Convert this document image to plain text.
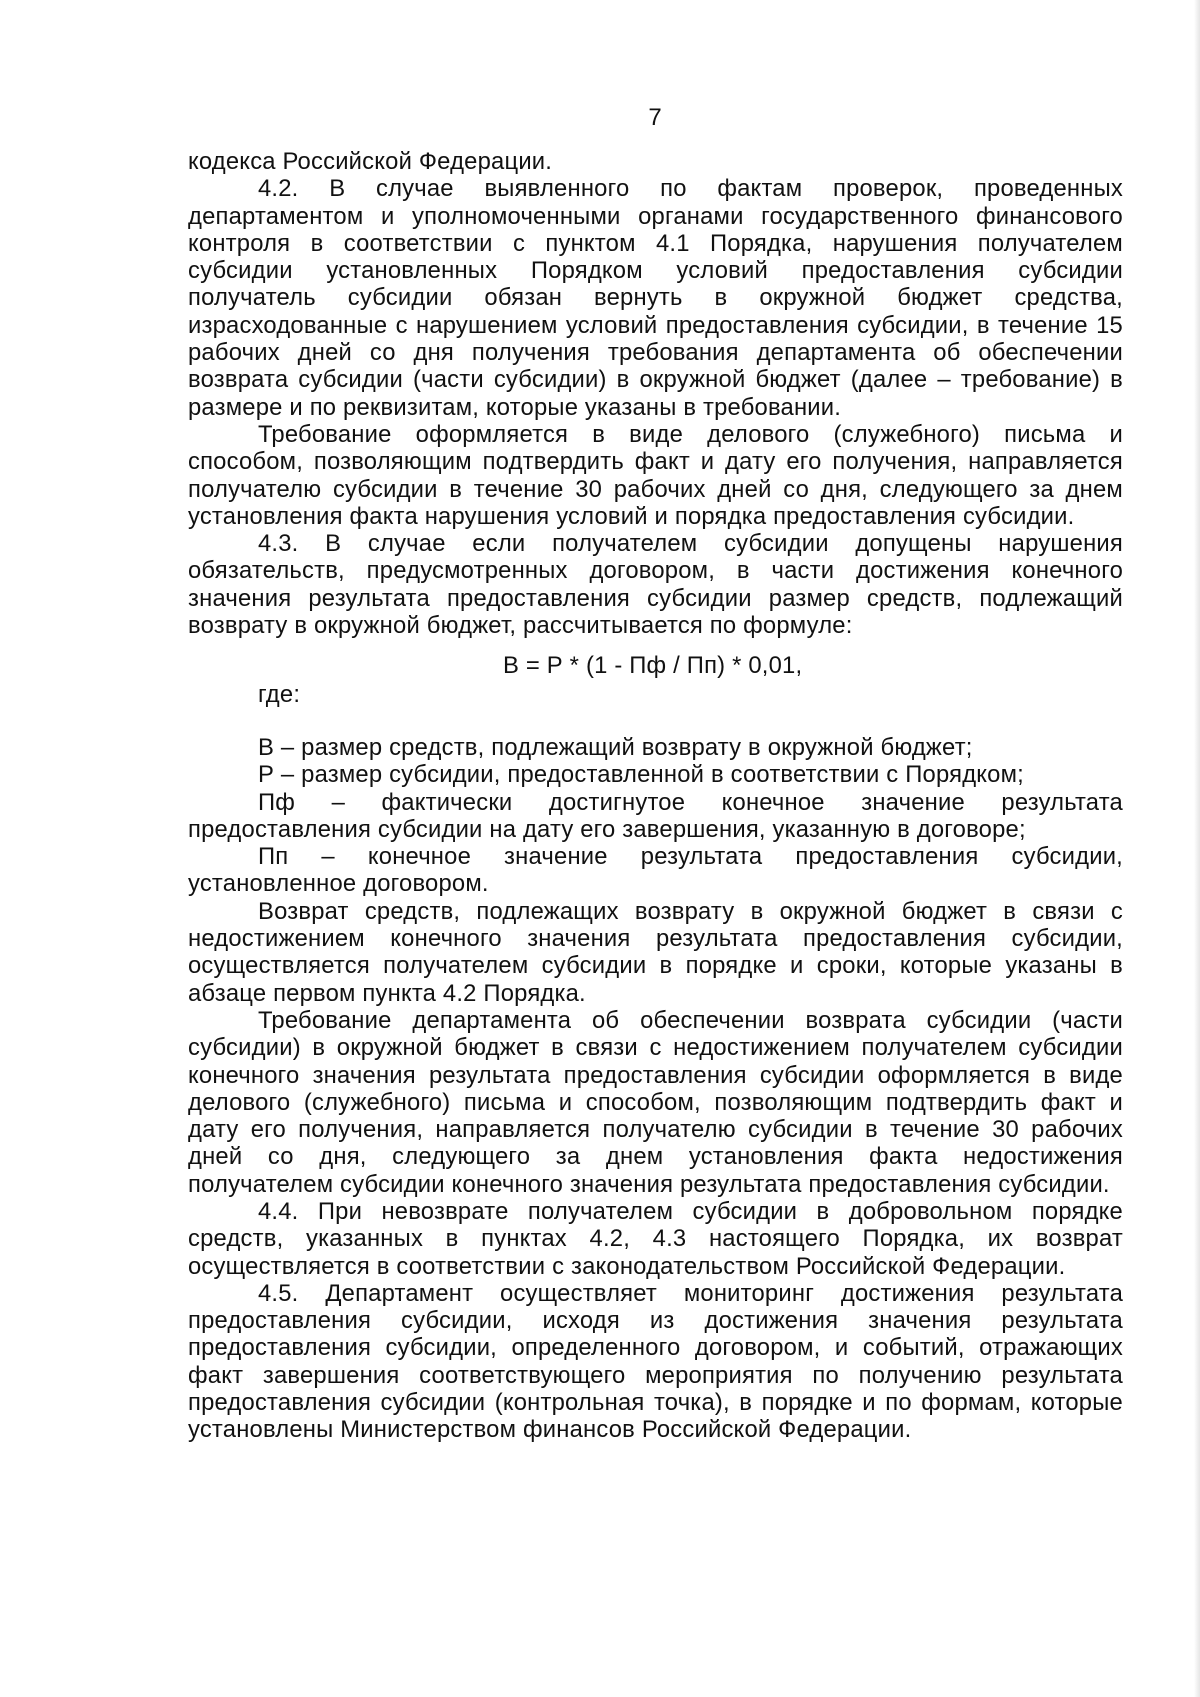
7

кодекса Российской Федерации.

4.2. В случае выявленного по фактам проверок, проведенных департаментом и уполномоченными органами государственного финансового контроля в соответствии с пунктом 4.1 Порядка, нарушения получателем субсидии установленных Порядком условий предоставления субсидии получатель субсидии обязан вернуть в окружной бюджет средства, израсходованные с нарушением условий предоставления субсидии, в течение 15 рабочих дней со дня получения требования департамента об обеспечении возврата субсидии (части субсидии) в окружной бюджет (далее – требование) в размере и по реквизитам, которые указаны в требовании.

Требование оформляется в виде делового (служебного) письма и способом, позволяющим подтвердить факт и дату его получения, направляется получателю субсидии в течение 30 рабочих дней со дня, следующего за днем установления факта нарушения условий и порядка предоставления субсидии.

4.3. В случае если получателем субсидии допущены нарушения обязательств, предусмотренных договором, в части достижения конечного значения результата предоставления субсидии размер средств, подлежащий возврату в окружной бюджет, рассчитывается по формуле:

В = Р * (1 - Пф / Пп) * 0,01,

где:

В – размер средств, подлежащий возврату в окружной бюджет;

Р – размер субсидии, предоставленной в соответствии с Порядком;

Пф – фактически достигнутое конечное значение результата предоставления субсидии на дату его завершения, указанную в договоре;

Пп – конечное значение результата предоставления субсидии, установленное договором.

Возврат средств, подлежащих возврату в окружной бюджет в связи с недостижением конечного значения результата предоставления субсидии, осуществляется получателем субсидии в порядке и сроки, которые указаны в абзаце первом пункта 4.2 Порядка.

Требование департамента об обеспечении возврата субсидии (части субсидии) в окружной бюджет в связи с недостижением получателем субсидии конечного значения результата предоставления субсидии оформляется в виде делового (служебного) письма и способом, позволяющим подтвердить факт и дату его получения, направляется получателю субсидии в течение 30 рабочих дней со дня, следующего за днем установления факта недостижения получателем субсидии конечного значения результата предоставления субсидии.

4.4. При невозврате получателем субсидии в добровольном порядке средств, указанных в пунктах 4.2, 4.3 настоящего Порядка, их возврат осуществляется в соответствии с законодательством Российской Федерации.

4.5. Департамент осуществляет мониторинг достижения результата предоставления субсидии, исходя из достижения значения результата предоставления субсидии, определенного договором, и событий, отражающих факт завершения соответствующего мероприятия по получению результата предоставления субсидии (контрольная точка), в порядке и по формам, которые установлены Министерством финансов Российской Федерации.
